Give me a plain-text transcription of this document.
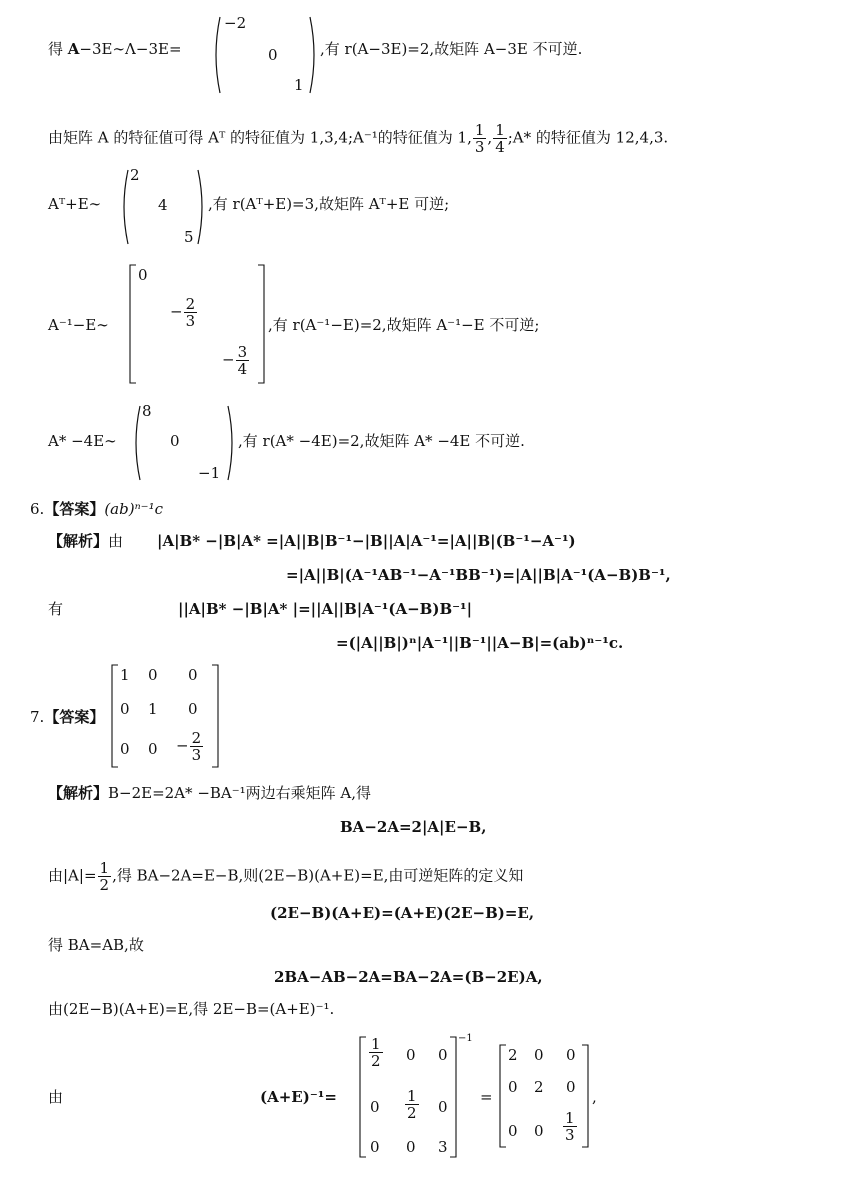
得 A−3E∼Λ−3E=
−2
0
1
,有 r(A−3E)=2,故矩阵 A−3E 不可逆.
由矩阵 A 的特征值可得 Aᵀ 的特征值为 1,3,4;A⁻¹的特征值为 1, $\frac{1}{3}$ , $\frac{1}{4}$ ;A* 的特征值为 12,4,3.
Aᵀ+E∼
2
4
5
,有 r(Aᵀ+E)=3,故矩阵 Aᵀ+E 可逆;
A⁻¹−E∼
0
− $\frac{2}{3}$
− $\frac{3}{4}$
,有 r(A⁻¹−E)=2,故矩阵 A⁻¹−E 不可逆;
A* −4E∼
8
0
−1
,有 r(A* −4E)=2,故矩阵 A* −4E 不可逆.
6.【答案】(ab)ⁿ⁻¹c
【解析】由 |A|B* −|B|A* =|A||B|B⁻¹−|B||A|A⁻¹=|A||B|(B⁻¹−A⁻¹)
=|A||B|(A⁻¹AB⁻¹−A⁻¹BB⁻¹)=|A||B|A⁻¹(A−B)B⁻¹,
有	||A|B* −|B|A* |=||A||B|A⁻¹(A−B)B⁻¹|
=(|A||B|)ⁿ|A⁻¹||B⁻¹||A−B|=(ab)ⁿ⁻¹c.
7.【答案】
1 0 0
0 1 0
0 $0 - \frac{2}{3}$
【解析】B−2E=2A* −BA⁻¹两边右乘矩阵 A,得
BA−2A=2|A|E−B,
由$|A|= \frac{1}{2}$ ,得 BA−2A=E−B,则(2E−B)(A+E)=E,由可逆矩阵的定义知
(2E−B)(A+E)=(A+E)(2E−B)=E,
得 BA=AB,故
2BA−AB−2A=BA−2A=(B−2E)A,
由(2E−B)(A+E)=E,得 2E−B=(A+E)⁻¹.
由	(A+E)⁻¹=
$\frac{1}{2} 0$ 0
$0 \frac{1}{2} 0$
0 0 3
−1
=
2 0 0
0 2 0
0 $0 \frac{1}{3}$
,
